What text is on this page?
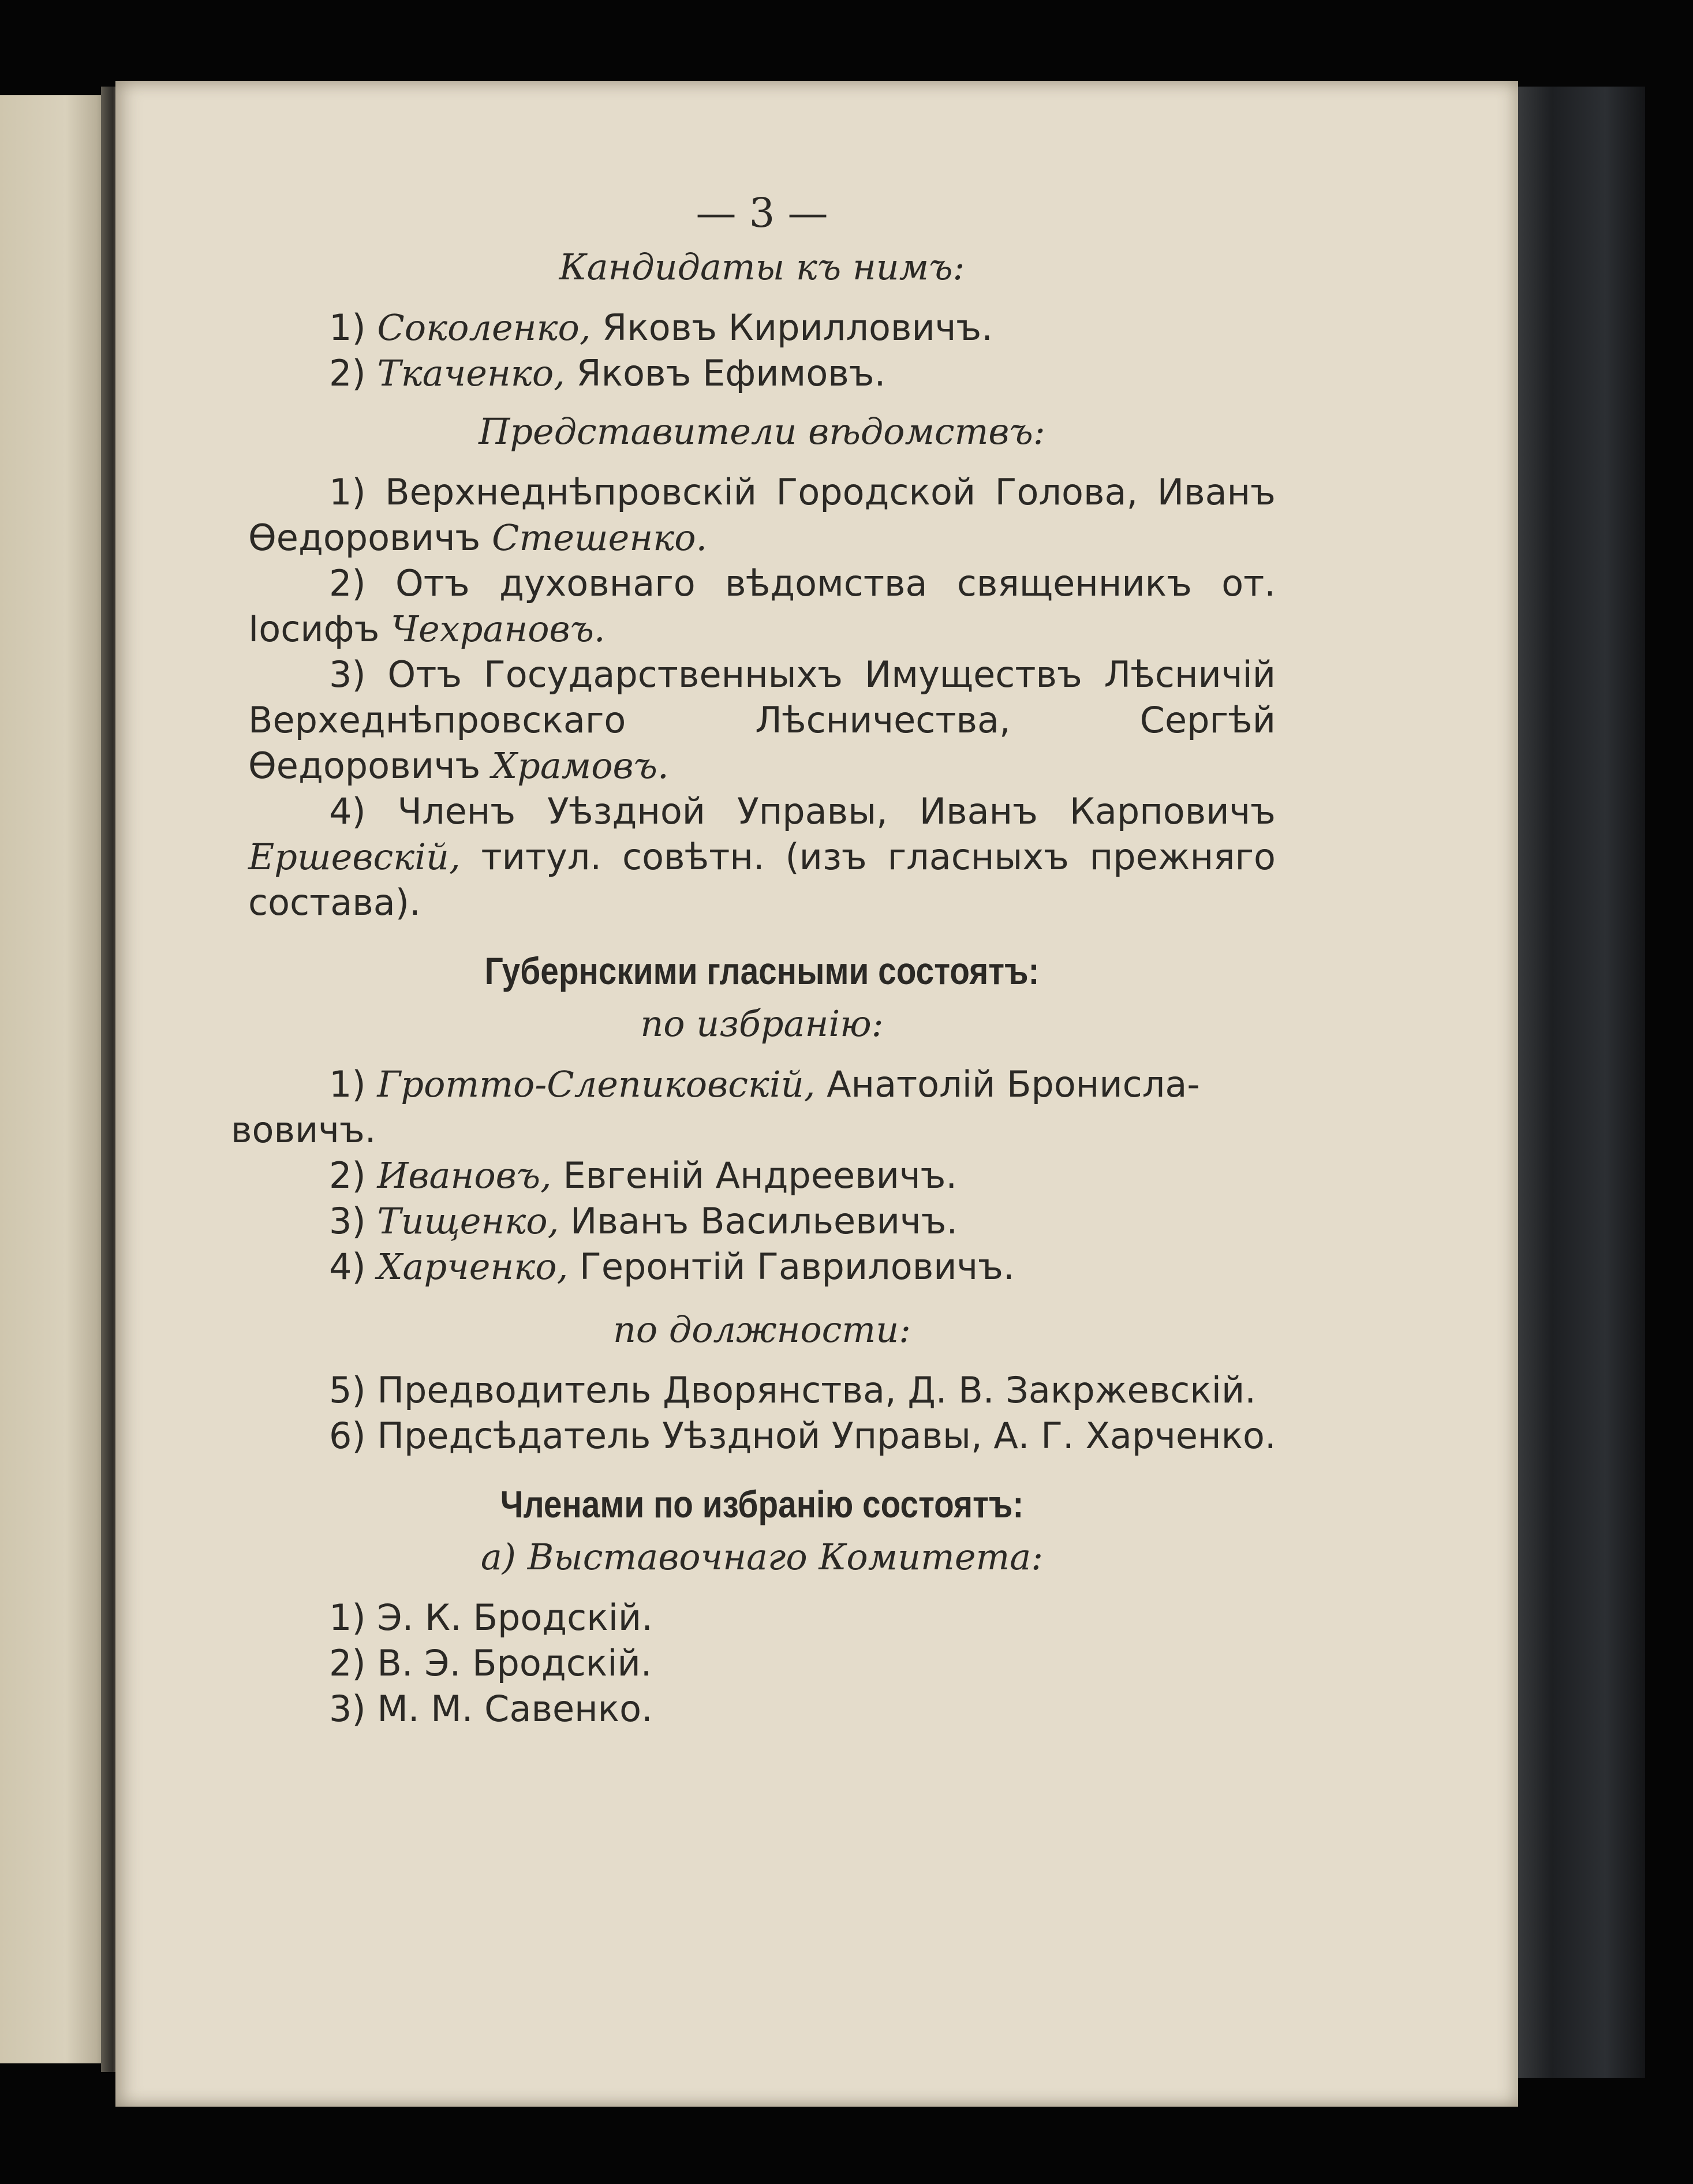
— 3 —
Кандидаты къ нимъ:
1) Соколенко, Яковъ Кирилловичъ.
2) Ткаченко, Яковъ Ефимовъ.
Представители вѣдомствъ:
1) Верхнеднѣпровскій Городской Голова, Иванъ Өедоровичъ Стешенко.
2) Отъ духовнаго вѣдомства священникъ от. Іосифъ Чехрановъ.
3) Отъ Государственныхъ Имуществъ Лѣсничій Верхеднѣпровскаго Лѣсничества, Сергѣй Өедоровичъ Храмовъ.
4) Членъ Уѣздной Управы, Иванъ Карповичъ Ершевскій, титул. совѣтн. (изъ гласныхъ прежняго состава).
Губернскими гласными состоятъ:
по избранію:
1) Гротто-Слепиковскій, Анатолій Бронисла-
вовичъ.
2) Ивановъ, Евгеній Андреевичъ.
3) Тищенко, Иванъ Васильевичъ.
4) Харченко, Геронтій Гавриловичъ.
по должности:
5) Предводитель Дворянства, Д. В. Закржевскій.
6) Предсѣдатель Уѣздной Управы, А. Г. Харченко.
Членами по избранію состоятъ:
а) Выставочнаго Комитета:
1) Э. К. Бродскій.
2) В. Э. Бродскій.
3) М. М. Савенко.
